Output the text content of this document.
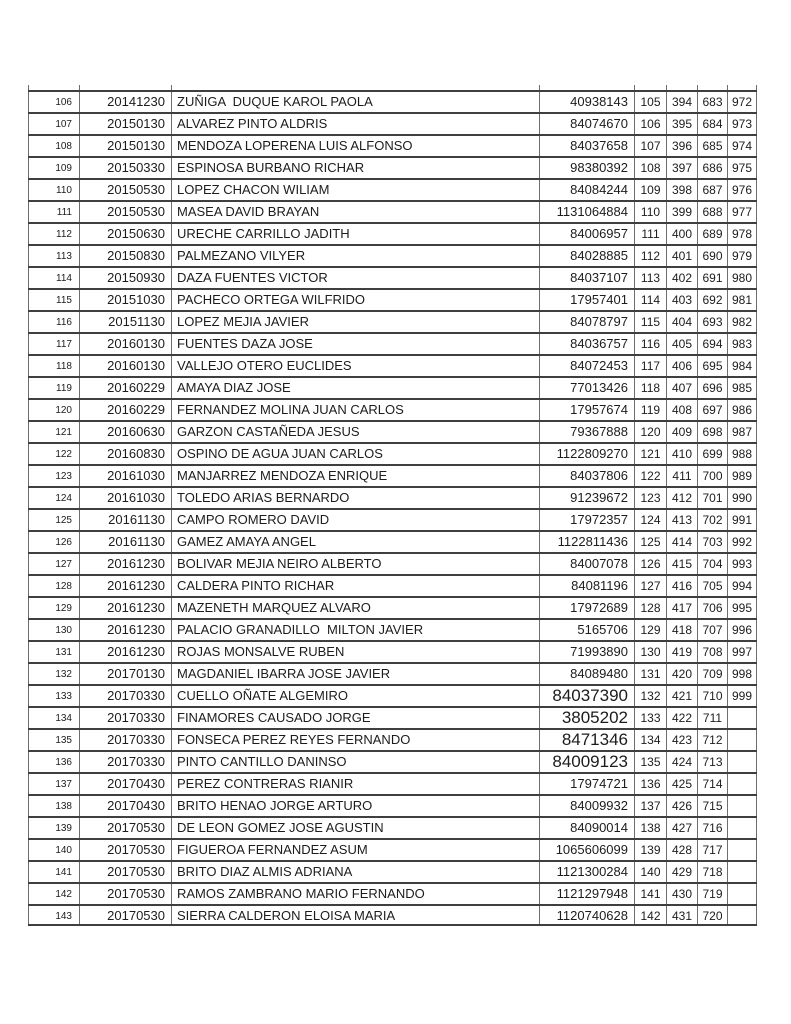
106	20141230 ZUÑIGA  DUQUE KAROL PAOLA	40938143	105 394 683 972
107	20150130 ALVAREZ PINTO ALDRIS	84074670	106 395 684 973
108	20150130 MENDOZA LOPERENA LUIS ALFONSO	84037658	107 396 685 974
109	20150330 ESPINOSA BURBANO RICHAR	98380392	108 397 686 975
110	20150530 LOPEZ CHACON WILIAM	84084244	109 398 687 976
111	20150530 MASEA DAVID BRAYAN	1131064884	110 399 688 977
112	20150630 URECHE CARRILLO JADITH	84006957	111	400 689 978
113	20150830 PALMEZANO VILYER	84028885	112 401 690 979
114	20150930 DAZA FUENTES VICTOR	84037107	113 402 691 980
115	20151030 PACHECO ORTEGA WILFRIDO	17957401	114 403 692 981
116	20151130 LOPEZ MEJIA JAVIER	84078797	115 404 693 982
117	20160130 FUENTES DAZA JOSE	84036757	116 405 694 983
118	20160130 VALLEJO OTERO EUCLIDES	84072453	117 406 695 984
119	20160229 AMAYA DIAZ JOSE	77013426	118 407 696 985
120	20160229 FERNANDEZ MOLINA JUAN CARLOS	17957674	119 408 697 986
121	20160630 GARZON CASTAÑEDA JESUS	79367888	120 409 698 987
122	20160830 OSPINO DE AGUA JUAN CARLOS	1122809270	121 410 699 988
123	20161030 MANJARREZ MENDOZA ENRIQUE	84037806	122 411 700 989
124	20161030 TOLEDO ARIAS BERNARDO	91239672	123 412 701 990
125	20161130 CAMPO ROMERO DAVID	17972357	124 413 702 991
126	20161130 GAMEZ AMAYA ANGEL	1122811436	125 414 703 992
127	20161230 BOLIVAR MEJIA NEIRO ALBERTO	84007078	126 415 704 993
128	20161230 CALDERA PINTO RICHAR	84081196	127 416 705 994
129	20161230 MAZENETH MARQUEZ ALVARO	17972689	128 417 706 995
130	20161230 PALACIO GRANADILLO  MILTON JAVIER	5165706	129 418 707 996
131	20161230 ROJAS MONSALVE RUBEN	71993890	130 419 708 997
132	20170130 MAGDANIEL IBARRA JOSE JAVIER	84089480	131 420 709 998
133	20170330 CUELLO OÑATE ALGEMIRO	84037390	132 421 710 999
134	20170330 FINAMORES CAUSADO JORGE	3805202	133 422 711
135	20170330 FONSECA PEREZ REYES FERNANDO	8471346	134 423 712
136	20170330 PINTO CANTILLO DANINSO	84009123	135 424 713
137	20170430 PEREZ CONTRERAS RIANIR	17974721	136 425 714
138	20170430 BRITO HENAO JORGE ARTURO	84009932	137 426 715
139	20170530 DE LEON GOMEZ JOSE AGUSTIN	84090014	138 427 716
140	20170530 FIGUEROA FERNANDEZ ASUM	1065606099	139 428 717
141	20170530 BRITO DIAZ ALMIS ADRIANA	1121300284	140 429 718
142	20170530 RAMOS ZAMBRANO MARIO FERNANDO	1121297948	141 430 719
143	20170530 SIERRA CALDERON ELOISA MARIA	1120740628	142 431 720
